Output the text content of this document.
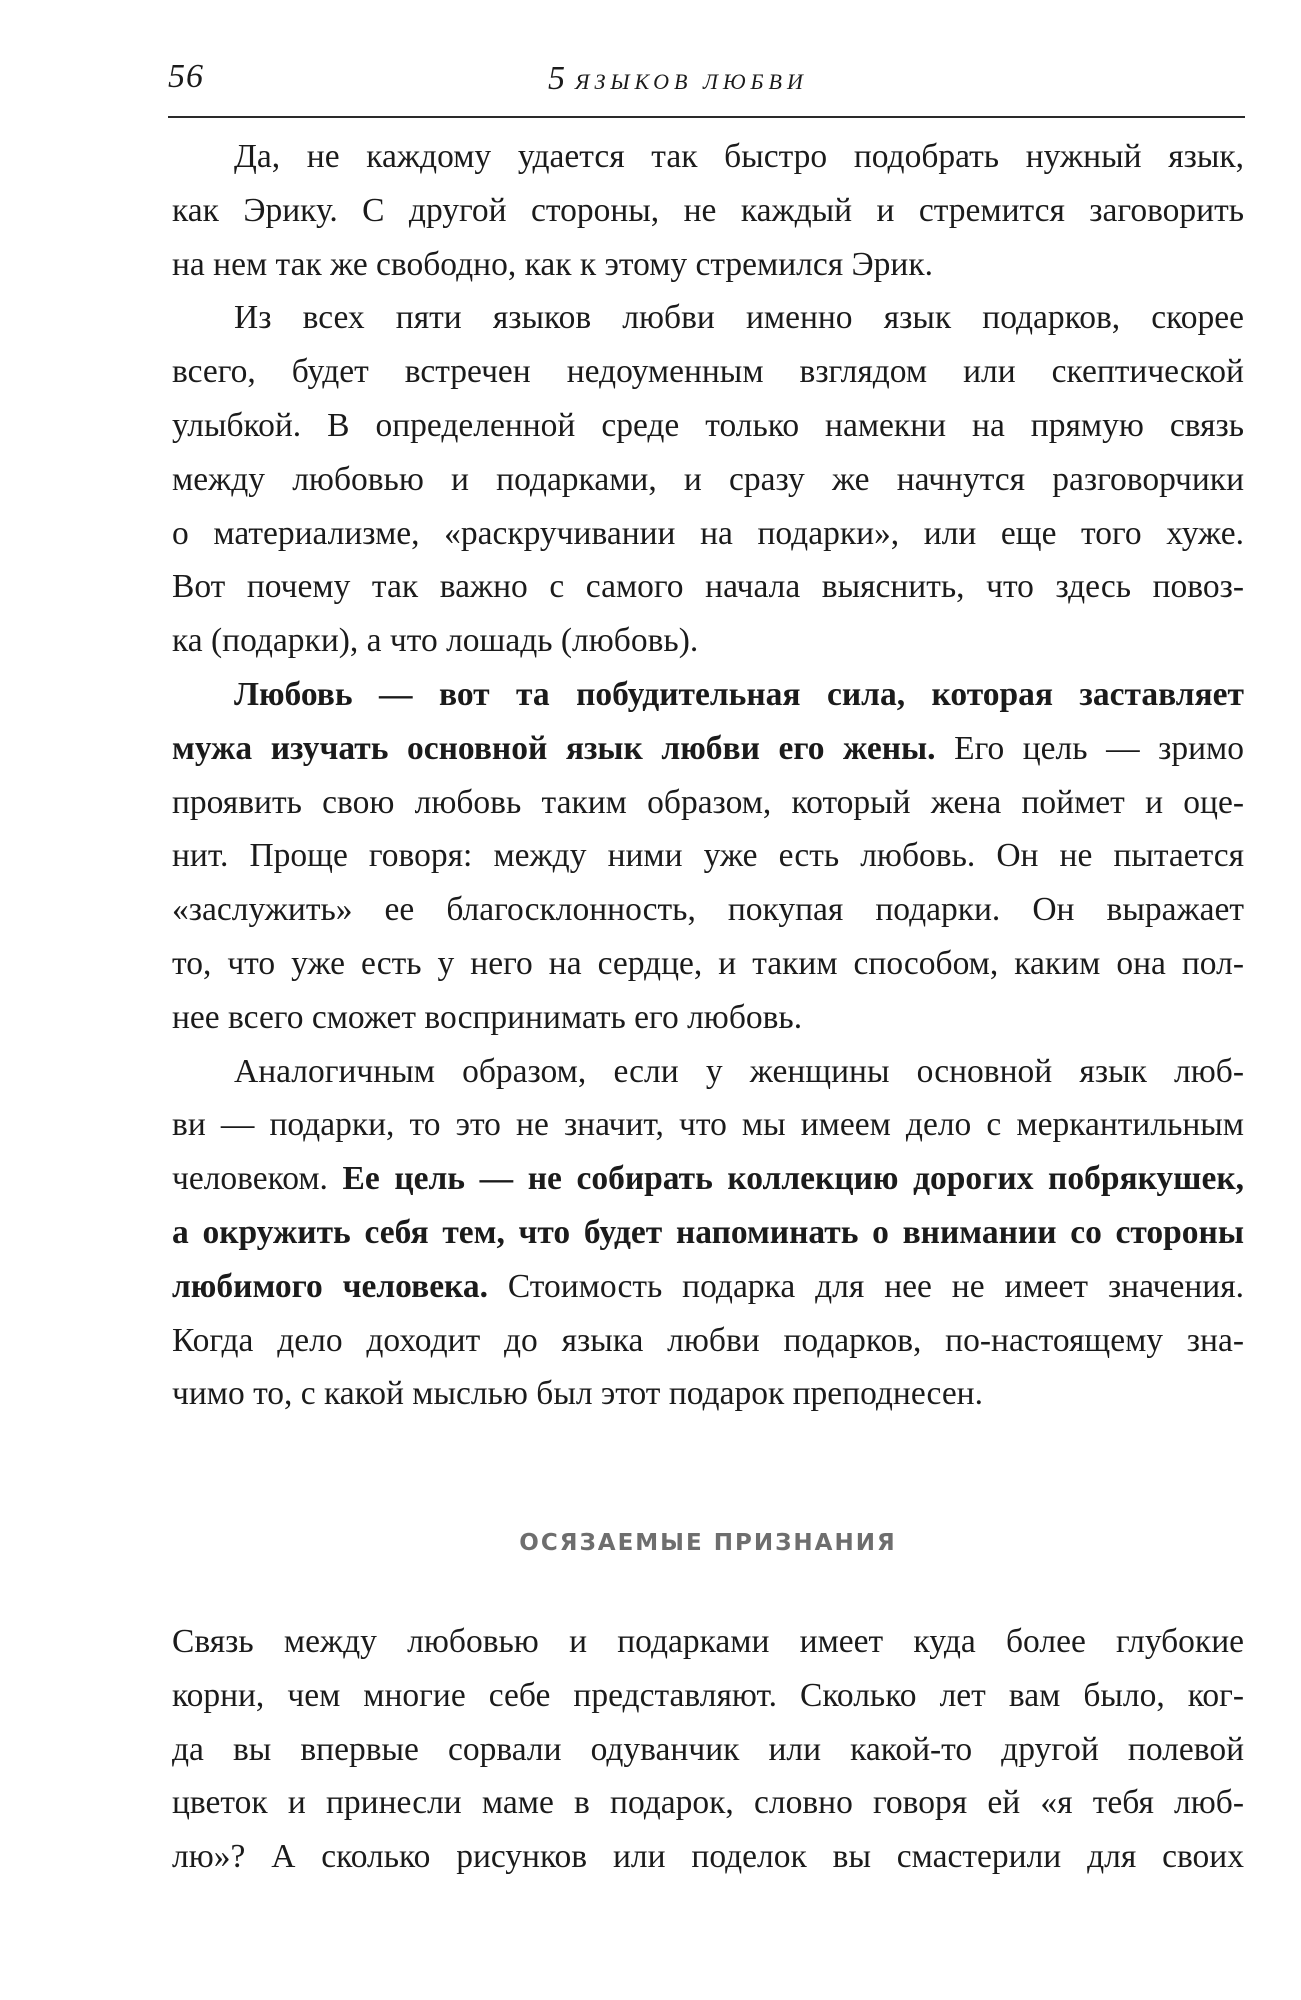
56	5 ЯЗЫКОВ ЛЮБВИ
Да, не каждому удается так быстро подобрать нужный язык,
как Эрику. С другой стороны, не каждый и стремится заговорить
на нем так же свободно, как к этому стремился Эрик.
Из всех пяти языков любви именно язык подарков, скорее
всего, будет встречен недоуменным взглядом или скептической
улыбкой. В определенной среде только намекни на прямую связь
между любовью и подарками, и сразу же начнутся разговорчики
о материализме, «раскручивании на подарки», или еще того хуже.
Вот почему так важно с самого начала выяснить, что здесь повоз-
ка (подарки), а что лошадь (любовь).
Любовь — вот та побудительная сила, которая заставляет
мужа изучать основной язык любви его жены. Его цель — зримо
проявить свою любовь таким образом, который жена поймет и оце-
нит. Проще говоря: между ними уже есть любовь. Он не пытается
«заслужить» ее благосклонность, покупая подарки. Он выражает
то, что уже есть у него на сердце, и таким способом, каким она пол-
нее всего сможет воспринимать его любовь.
Аналогичным образом, если у женщины основной язык люб-
ви — подарки, то это не значит, что мы имеем дело с меркантильным
человеком. Ее цель — не собирать коллекцию дорогих побрякушек,
а окружить себя тем, что будет напоминать о внимании со стороны
любимого человека. Стоимость подарка для нее не имеет значения.
Когда дело доходит до языка любви подарков, по-настоящему зна-
чимо то, с какой мыслью был этот подарок преподнесен.
ОСЯЗАЕМЫЕ ПРИЗНАНИЯ
Связь между любовью и подарками имеет куда более глубокие
корни, чем многие себе представляют. Сколько лет вам было, ког-
да вы впервые сорвали одуванчик или какой-то другой полевой
цветок и принесли маме в подарок, словно говоря ей «я тебя люб-
лю»? А сколько рисунков или поделок вы смастерили для своих
